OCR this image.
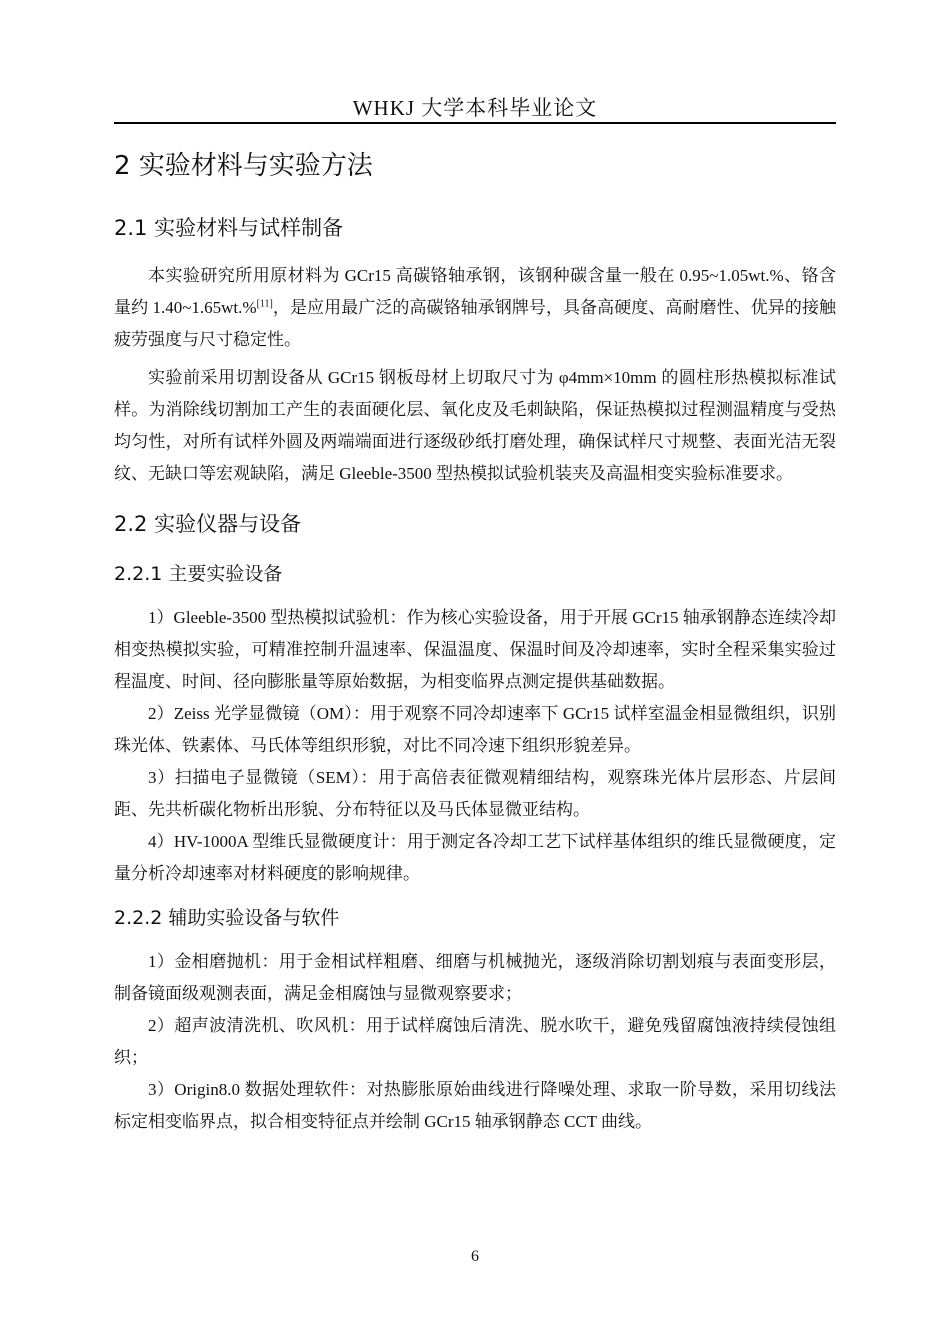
WHKJ 大学本科毕业论文
2 实验材料与实验方法
2.1 实验材料与试样制备

本实验研究所用原材料为 GCr15 高碳铬轴承钢，该钢种碳含量一般在 0.95~1.05wt.%、铬含量约 1.40~1.65wt.%[11]，是应用最广泛的高碳铬轴承钢牌号，具备高硬度、高耐磨性、优异的接触疲劳强度与尺寸稳定性。

实验前采用切割设备从 GCr15 钢板母材上切取尺寸为 φ4mm×10mm 的圆柱形热模拟标准试样。为消除线切割加工产生的表面硬化层、氧化皮及毛刺缺陷，保证热模拟过程测温精度与受热均匀性，对所有试样外圆及两端端面进行逐级砂纸打磨处理，确保试样尺寸规整、表面光洁无裂纹、无缺口等宏观缺陷，满足 Gleeble-3500 型热模拟试验机装夹及高温相变实验标准要求。

2.2 实验仪器与设备
2.2.1 主要实验设备

1）Gleeble-3500 型热模拟试验机：作为核心实验设备，用于开展 GCr15 轴承钢静态连续冷却相变热模拟实验，可精准控制升温速率、保温温度、保温时间及冷却速率，实时全程采集实验过程温度、时间、径向膨胀量等原始数据，为相变临界点测定提供基础数据。

2）Zeiss 光学显微镜（OM）：用于观察不同冷却速率下 GCr15 试样室温金相显微组织，识别珠光体、铁素体、马氏体等组织形貌，对比不同冷速下组织形貌差异。

3）扫描电子显微镜（SEM）：用于高倍表征微观精细结构，观察珠光体片层形态、片层间距、先共析碳化物析出形貌、分布特征以及马氏体显微亚结构。

4）HV-1000A 型维氏显微硬度计：用于测定各冷却工艺下试样基体组织的维氏显微硬度，定量分析冷却速率对材料硬度的影响规律。

2.2.2 辅助实验设备与软件

1）金相磨抛机：用于金相试样粗磨、细磨与机械抛光，逐级消除切割划痕与表面变形层，制备镜面级观测表面，满足金相腐蚀与显微观察要求；

2）超声波清洗机、吹风机：用于试样腐蚀后清洗、脱水吹干，避免残留腐蚀液持续侵蚀组织；

3）Origin8.0 数据处理软件：对热膨胀原始曲线进行降噪处理、求取一阶导数，采用切线法标定相变临界点，拟合相变特征点并绘制 GCr15 轴承钢静态 CCT 曲线。

6
